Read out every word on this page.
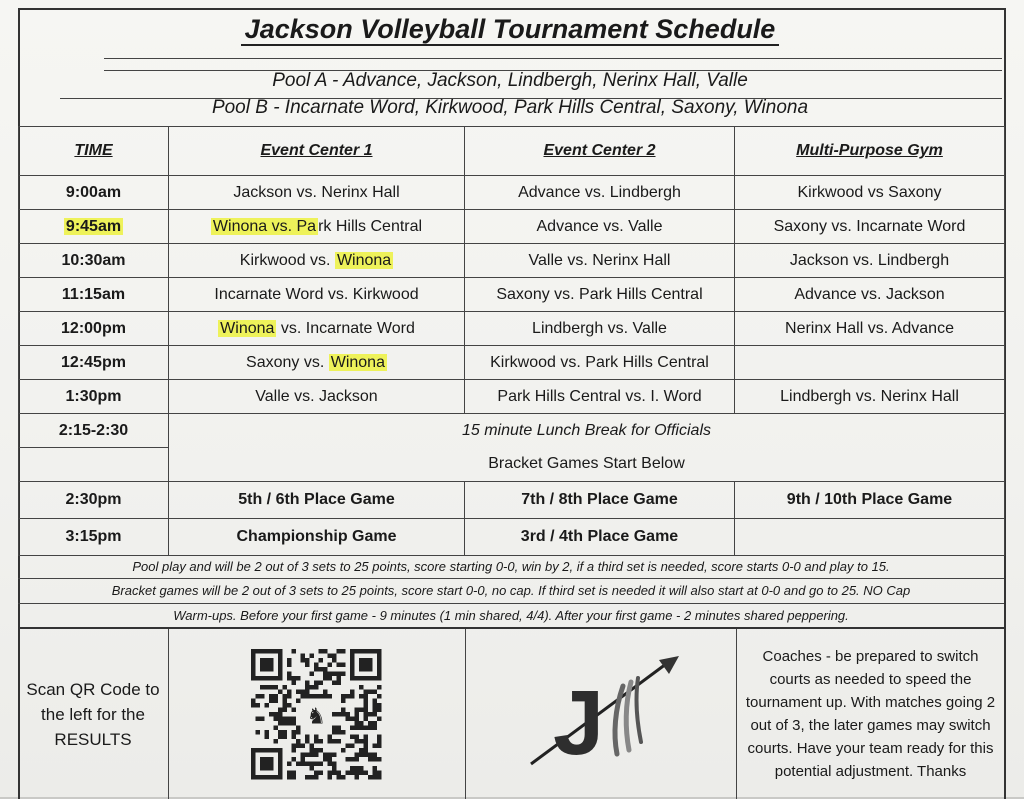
Jackson Volleyball Tournament Schedule
Pool A - Advance, Jackson, Lindbergh, Nerinx Hall, Valle
Pool B - Incarnate Word, Kirkwood, Park Hills Central, Saxony, Winona
TIME	Event Center 1	Event Center 2	Multi-Purpose Gym
9:00am	Jackson vs. Nerinx Hall	Advance vs. Lindbergh	Kirkwood vs Saxony
9:45am	Winona vs. Pa rk Hills Central	Advance vs. Valle	Saxony vs. Incarnate Word
10:30am	Kirkwood vs. Winona	Valle vs. Nerinx Hall	Jackson vs. Lindbergh
11:15am	Incarnate Word vs. Kirkwood	Saxony vs. Park Hills Central	Advance vs. Jackson
12:00pm	Winona vs. Incarnate Word	Lindbergh vs. Valle	Nerinx Hall vs. Advance
12:45pm	Saxony vs. Winona	Kirkwood vs. Park Hills Central	
1:30pm	Valle vs. Jackson	Park Hills Central vs. I. Word	Lindbergh vs. Nerinx Hall
2:15-2:30	15 minute Lunch Break for Officials		
	Bracket Games Start Below		
2:30pm	5th / 6th Place Game	7th / 8th Place Game	9th / 10th Place Game
3:15pm	Championship Game	3rd / 4th Place Game	
Pool play and will be 2 out of 3 sets to 25 points, score starting 0-0, win by 2, if a third set is needed, score starts 0-0 and play to 15.
Bracket games will be 2 out of 3 sets to 25 points, score start 0-0, no cap. If third set is needed it will also start at 0-0 and go to 25. NO Cap
Warm-ups. Before your first game - 9 minutes (1 min shared, 4/4). After your first game - 2 minutes shared peppering.
Scan QR Code to the left for the RESULTS
♞ J
Coaches - be prepared to switch courts as needed to speed the tournament up. With matches going 2 out of 3, the later games may switch courts. Have your team ready for this potential adjustment. Thanks
